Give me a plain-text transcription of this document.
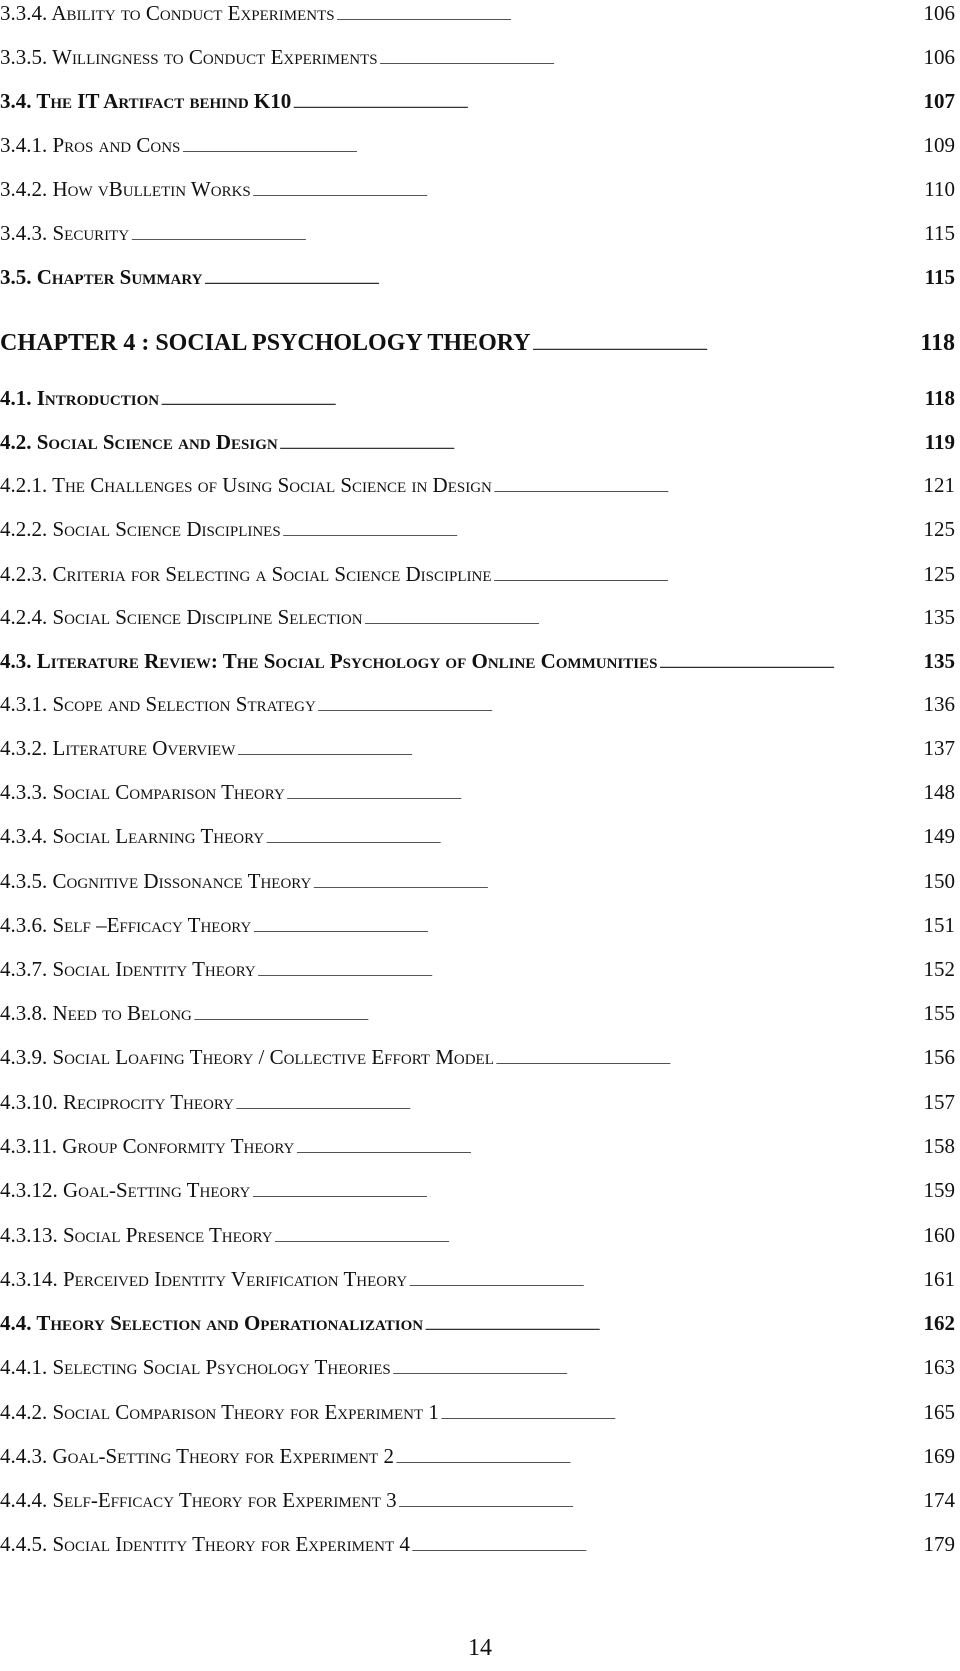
3.3.4. Ability to Conduct Experiments . . .	106
3.3.5. Willingness to Conduct Experiments . . .	106
3.4. The IT Artifact behind K10 . . .	107
3.4.1. Pros and Cons . . .	109
3.4.2. How vBulletin Works . . .	110
3.4.3. Security . . .	115
3.5. Chapter Summary . . .	115
CHAPTER 4 : SOCIAL PSYCHOLOGY THEORY . . .	118
4.1. Introduction . . .	118
4.2. Social Science and Design . . .	119
4.2.1. The Challenges of Using Social Science in Design . . .	121
4.2.2. Social Science Disciplines . . .	125
4.2.3. Criteria for Selecting a Social Science Discipline . . .	125
4.2.4. Social Science Discipline Selection . . .	135
4.3. Literature Review: The Social Psychology of Online Communities . . .	135
4.3.1. Scope and Selection Strategy . . .	136
4.3.2. Literature Overview . . .	137
4.3.3. Social Comparison Theory . . .	148
4.3.4. Social Learning Theory . . .	149
4.3.5. Cognitive Dissonance Theory . . .	150
4.3.6. Self –Efficacy Theory . . .	151
4.3.7. Social Identity Theory . . .	152
4.3.8. Need to Belong . . .	155
4.3.9. Social Loafing Theory / Collective Effort Model . . .	156
4.3.10. Reciprocity Theory . . .	157
4.3.11. Group Conformity Theory . . .	158
4.3.12. Goal-Setting Theory . . .	159
4.3.13. Social Presence Theory . . .	160
4.3.14. Perceived Identity Verification Theory . . .	161
4.4. Theory Selection and Operationalization . . .	162
4.4.1. Selecting Social Psychology Theories . . .	163
4.4.2. Social Comparison Theory for Experiment 1 . . .	165
4.4.3. Goal-Setting Theory for Experiment 2 . . .	169
4.4.4. Self-Efficacy Theory for Experiment 3 . . .	174
4.4.5. Social Identity Theory for Experiment 4 . . .	179
14
